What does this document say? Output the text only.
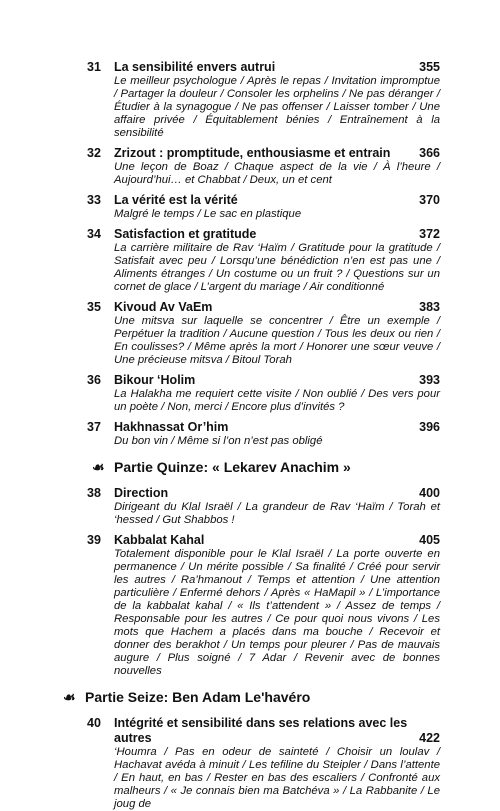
31	La sensibilité envers autrui	355
Le meilleur psychologue / Après le repas / Invitation impromptue / Partager la douleur / Consoler les orphelins / Ne pas déranger / Étudier à la synagogue / Ne pas offenser / Laisser tomber / Une affaire privée / Équitablement bénies / Entraînement à la sensibilité
32	Zrizout : promptitude, enthousiasme et entrain	366
Une leçon de Boaz / Chaque aspect de la vie / À l’heure / Aujourd’hui… et Chabbat / Deux, un et cent
33	La vérité est la vérité	370
Malgré le temps / Le sac en plastique
34	Satisfaction et gratitude	372
La carrière militaire de Rav ‘Haïm / Gratitude pour la gratitude / Satisfait avec peu / Lorsqu’une bénédiction n’en est pas une / Aliments étranges / Un costume ou un fruit ? / Questions sur un cornet de glace / L’argent du mariage / Air conditionné
35	Kivoud Av VaEm	383
Une mitsva sur laquelle se concentrer / Être un exemple / Perpétuer la tradition / Aucune question / Tous les deux ou rien / En coulisses? / Même après la mort / Honorer une sœur veuve / Une précieuse mitsva / Bitoul Torah
36	Bikour ‘Holim	393
La Halakha me requiert cette visite / Non oublié / Des vers pour un poète / Non, merci / Encore plus d’invités ?
37	Hakhnassat Or’him	396
Du bon vin / Même si l’on n’est pas obligé
☙ Partie Quinze: « Lekarev Anachim »
38	Direction	400
Dirigeant du Klal Israël / La grandeur de Rav ‘Haïm / Torah et ‘hessed / Gut Shabbos !
39	Kabbalat Kahal	405
Totalement disponible pour le Klal Israël / La porte ouverte en permanence / Un mérite possible / Sa finalité / Créé pour servir les autres / Ra’hmanout / Temps et attention / Une attention particulière / Enfermé dehors / Après « HaMapil » / L’importance de la kabbalat kahal / « Ils t’attendent » / Assez de temps / Responsable pour les autres / Ce pour quoi nous vivons / Les mots que Hachem a placés dans ma bouche / Recevoir et donner des berakhot / Un temps pour pleurer / Pas de mauvais augure / Plus soigné / 7 Adar / Revenir avec de bonnes nouvelles
☙ Partie Seize: Ben Adam Le'havéro
40	Intégrité et sensibilité dans ses relations avec les
autres	422
‘Houmra / Pas en odeur de sainteté / Choisir un loulav / Hachavat avéda à minuit / Les tefiline du Steipler / Dans l’attente / En haut, en bas / Rester en bas des escaliers / Confronté aux malheurs / « Je connais bien ma Batchéva » / La Rabbanite / Le joug de
